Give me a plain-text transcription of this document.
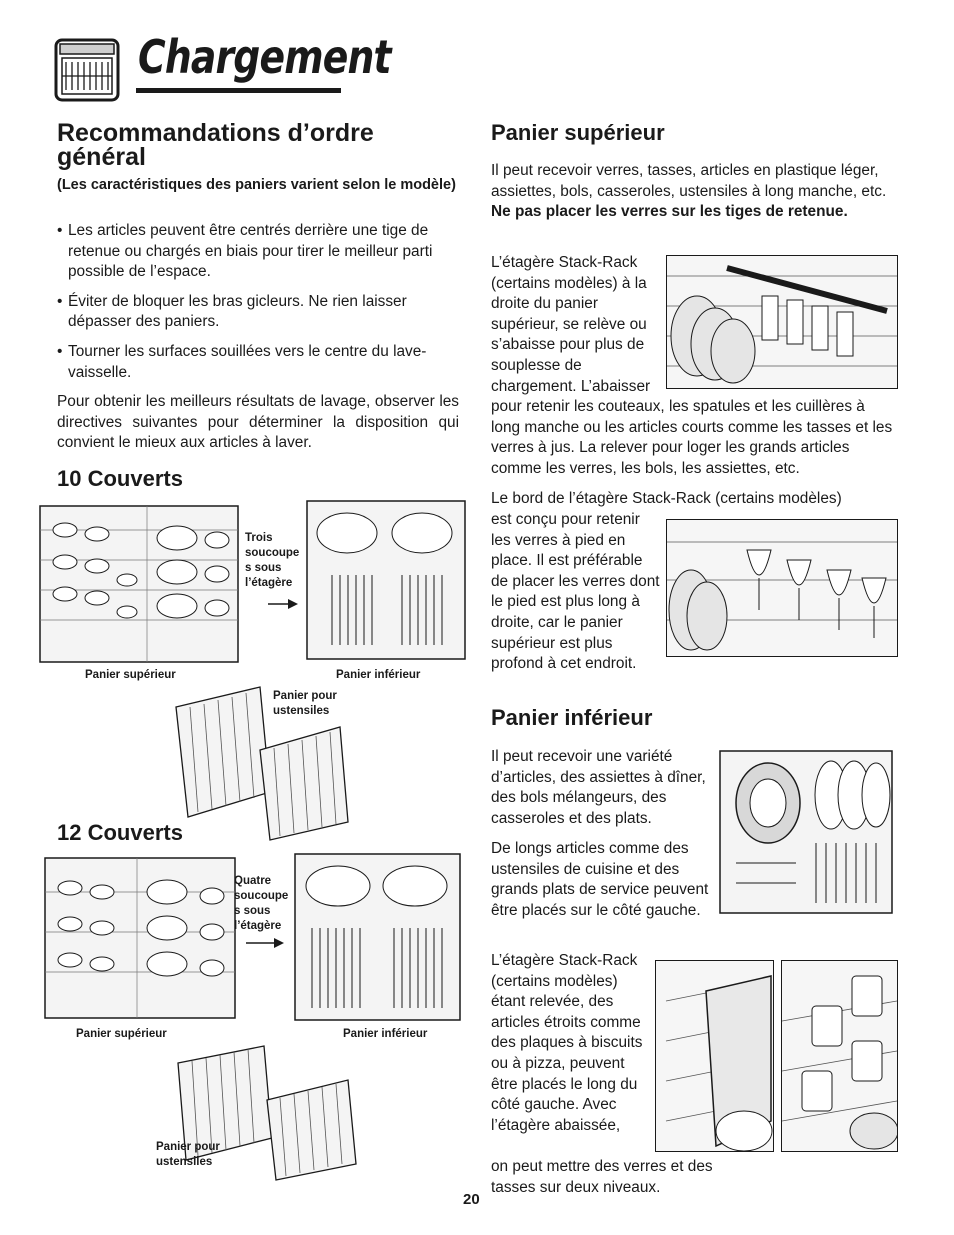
Chargement
Recommandations d’ordre général
(Les caractéristiques des paniers varient selon le modèle)
• Les articles peuvent être centrés derrière une tige de retenue ou chargés en biais pour tirer le meilleur parti possible de l’espace.
• Éviter de bloquer les bras gicleurs. Ne rien laisser dépasser des paniers.
• Tourner les surfaces souillées vers le centre du lave-vaisselle.

Pour obtenir les meilleurs résultats de lavage, observer les directives suivantes pour déterminer la disposition qui convient le mieux aux articles à laver.

10 Couverts
Trois soucoupe s sous l’étagère
Panier supérieur	Panier inférieur
Panier pour ustensiles
12 Couverts
Quatre soucoupe s sous l’étagère
Panier supérieur	Panier inférieur
Panier pour ustensiles
Panier supérieur
Il peut recevoir verres, tasses, articles en plastique léger, assiettes, bols, casseroles, ustensiles à long manche, etc. Ne pas placer les verres sur les tiges de retenue.
L’étagère Stack-Rack (certains modèles) à la droite du panier supérieur, se relève ou s’abaisse pour plus de souplesse de chargement. L’abaisser
pour retenir les couteaux, les spatules et les cuillères à long manche ou les articles courts comme les tasses et les verres à jus. La relever pour loger les grands articles comme les verres, les bols, les assiettes, etc.
Le bord de l’étagère Stack-Rack (certains modèles)
est conçu pour retenir les verres à pied en place. Il est préférable de placer les verres dont le pied est plus long à droite, car le panier supérieur est plus profond à cet endroit.
Panier inférieur
Il peut recevoir une variété d’articles, des assiettes à dîner, des bols mélangeurs, des casseroles et des plats.
De longs articles comme des ustensiles de cuisine et des grands plats de service peuvent être placés sur le côté gauche.
L’étagère Stack-Rack (certains modèles) étant relevée, des articles étroits comme des plaques à biscuits ou à pizza, peuvent être placés le long du côté gauche. Avec l’étagère abaissée,
on peut mettre des verres et des tasses sur deux niveaux.
20
